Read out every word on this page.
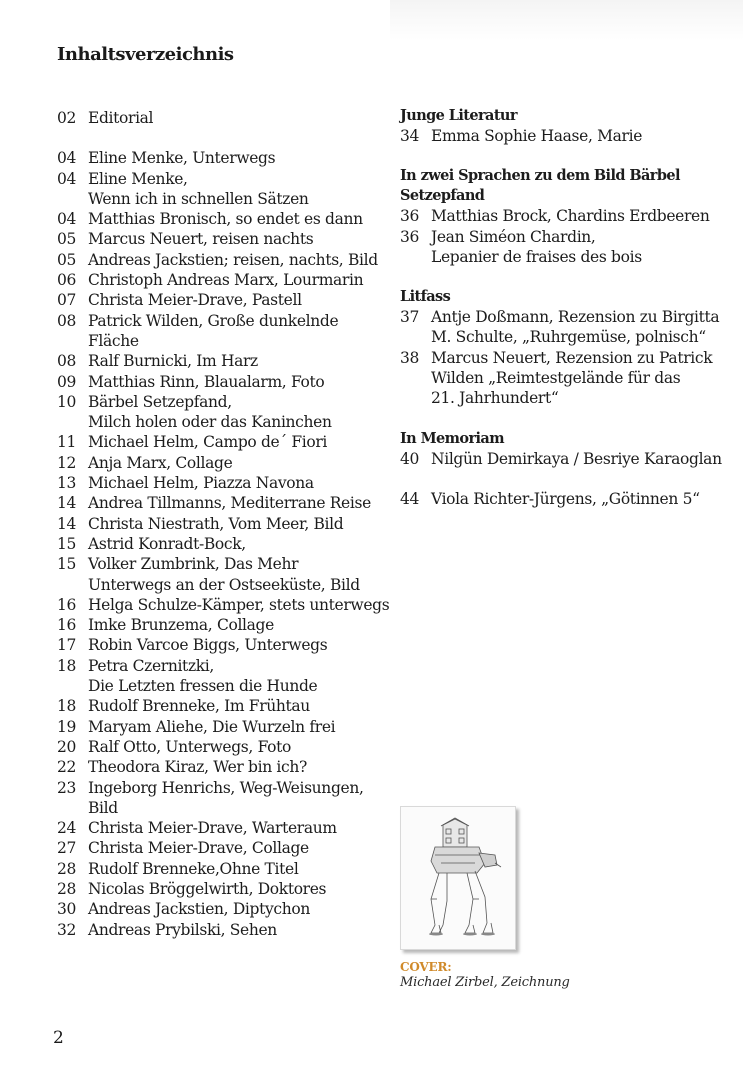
Inhaltsverzeichnis
02 Editorial
04 Eline Menke, Unterwegs
04 Eline Menke,
Wenn ich in schnellen Sätzen
04 Matthias Bronisch, so endet es dann
05 Marcus Neuert, reisen nachts
05 Andreas Jackstien; reisen, nachts, Bild
06 Christoph Andreas Marx, Lourmarin
07 Christa Meier-Drave, Pastell
08 Patrick Wilden, Große dunkelnde Fläche
08 Ralf Burnicki, Im Harz
09 Matthias Rinn, Blaualarm, Foto
10 Bärbel Setzepfand,
Milch holen oder das Kaninchen
11 Michael Helm, Campo de´ Fiori
12 Anja Marx, Collage
13 Michael Helm, Piazza Navona
14 Andrea Tillmanns, Mediterrane Reise
14 Christa Niestrath, Vom Meer, Bild
15 Astrid Konradt-Bock,
15 Volker Zumbrink, Das Mehr
Unterwegs an der Ostseeküste, Bild
16 Helga Schulze-Kämper, stets unterwegs
16 Imke Brunzema, Collage
17 Robin Varcoe Biggs, Unterwegs
18 Petra Czernitzki,
Die Letzten fressen die Hunde
18 Rudolf Brenneke, Im Frühtau
19 Maryam Aliehe, Die Wurzeln frei
20 Ralf Otto, Unterwegs, Foto
22 Theodora Kiraz, Wer bin ich?
23 Ingeborg Henrichs, Weg-Weisungen, Bild
24 Christa Meier-Drave, Warteraum
27 Christa Meier-Drave, Collage
28 Rudolf Brenneke,Ohne Titel
28 Nicolas Bröggelwirth, Doktores
30 Andreas Jackstien, Diptychon
32 Andreas Prybilski, Sehen
Junge Literatur
34 Emma Sophie Haase, Marie
In zwei Sprachen zu dem Bild Bärbel
Setzepfand
36 Matthias Brock, Chardins Erdbeeren
36 Jean Siméon Chardin,
Lepanier de fraises des bois
Litfass
37 Antje Doßmann, Rezension zu Birgitta
M. Schulte, „Ruhrgemüse, polnisch“
38 Marcus Neuert, Rezension zu Patrick
Wilden „Reimtestgelände für das
21. Jahrhundert“
In Memoriam
40 Nilgün Demirkaya / Besriye Karaoglan
44 Viola Richter-Jürgens, „Götinnen 5“
COVER:
Michael Zirbel, Zeichnung
2
